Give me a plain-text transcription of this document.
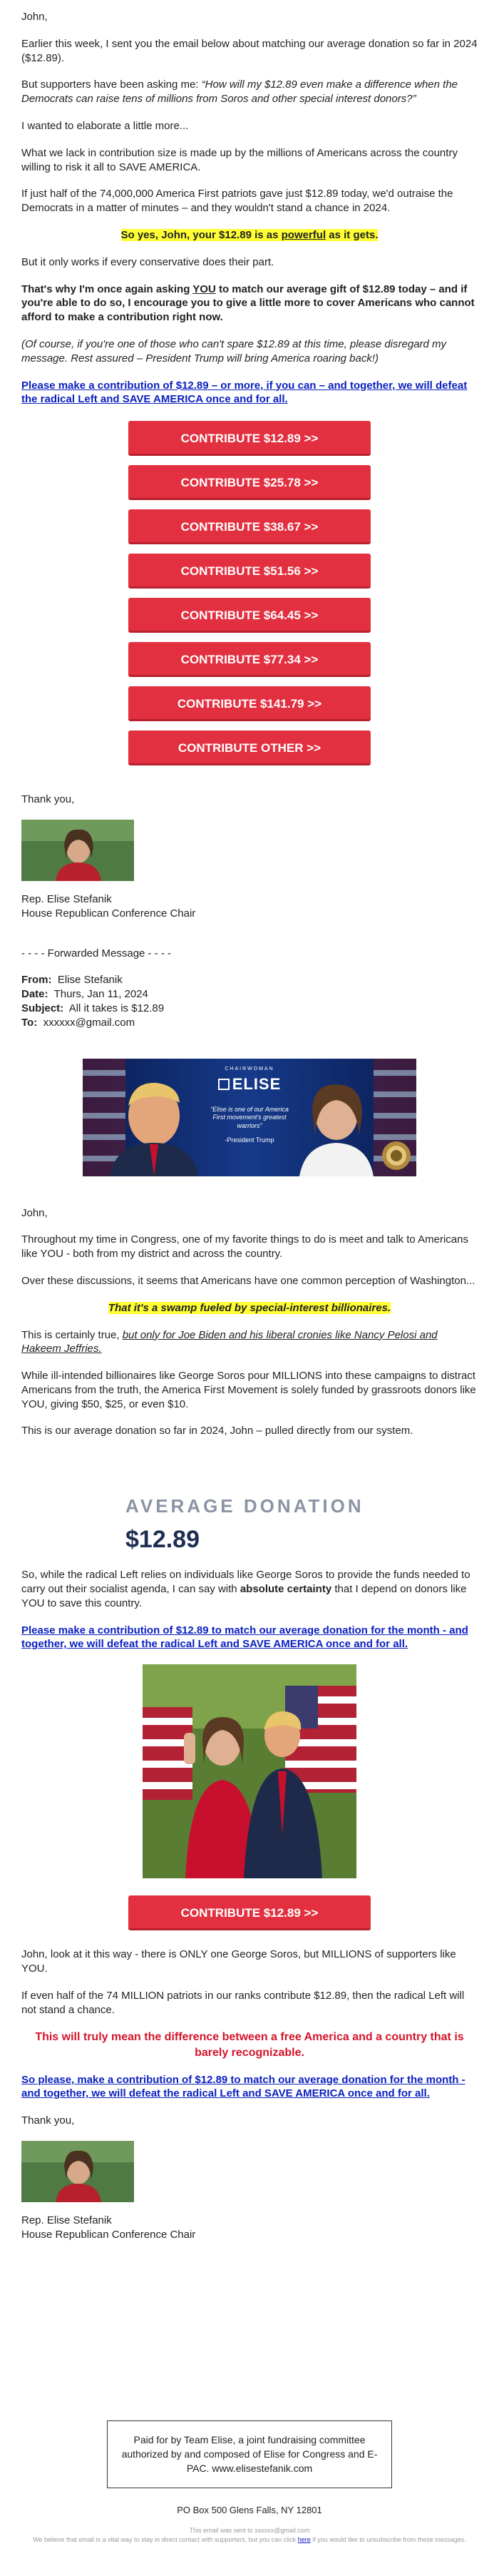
John,

Earlier this week, I sent you the email below about matching our average donation so far in 2024 ($12.89).

But supporters have been asking me: “How will my $12.89 even make a difference when the Democrats can raise tens of millions from Soros and other special interest donors?”

I wanted to elaborate a little more...

What we lack in contribution size is made up by the millions of Americans across the country willing to risk it all to SAVE AMERICA.

If just half of the 74,000,000 America First patriots gave just $12.89 today, we'd outraise the Democrats in a matter of minutes – and they wouldn't stand a chance in 2024.

So yes, John, your $12.89 is as powerful as it gets.

But it only works if every conservative does their part.

That's why I'm once again asking YOU to match our average gift of $12.89 today – and if you're able to do so, I encourage you to give a little more to cover Americans who cannot afford to make a contribution right now.

(Of course, if you're one of those who can't spare $12.89 at this time, please disregard my message. Rest assured – President Trump will bring America roaring back!)

Please make a contribution of $12.89 – or more, if you can – and together, we will defeat the radical Left and SAVE AMERICA once and for all.

CONTRIBUTE $12.89 >>
CONTRIBUTE $25.78 >>
CONTRIBUTE $38.67 >>
CONTRIBUTE $51.56 >>
CONTRIBUTE $64.45 >>
CONTRIBUTE $77.34 >>
CONTRIBUTE $141.79 >>
CONTRIBUTE OTHER >>

Thank you,

Rep. Elise Stefanik

House Republican Conference Chair

- - - - Forwarded Message - - - -

From: Elise Stefanik

Date: Thurs, Jan 11, 2024

Subject: All it takes is $12.89

To: xxxxxx@gmail.com

CHAIRWOMAN
ELISE
“Elise is one of our America First movement's greatest warriors”
-President Trump

John,

Throughout my time in Congress, one of my favorite things to do is meet and talk to Americans like YOU - both from my district and across the country.

Over these discussions, it seems that Americans have one common perception of Washington...

That it's a swamp fueled by special-interest billionaires.

This is certainly true, but only for Joe Biden and his liberal cronies like Nancy Pelosi and Hakeem Jeffries.

While ill-intended billionaires like George Soros pour MILLIONS into these campaigns to distract Americans from the truth, the America First Movement is solely funded by grassroots donors like YOU, giving $50, $25, or even $10.

This is our average donation so far in 2024, John – pulled directly from our system.

AVERAGE DONATION
$12.89

So, while the radical Left relies on individuals like George Soros to provide the funds needed to carry out their socialist agenda, I can say with absolute certainty that I depend on donors like YOU to save this country.

Please make a contribution of $12.89 to match our average donation for the month - and together, we will defeat the radical Left and SAVE AMERICA once and for all.

CONTRIBUTE $12.89 >>

John, look at it this way - there is ONLY one George Soros, but MILLIONS of supporters like YOU.

If even half of the 74 MILLION patriots in our ranks contribute $12.89, then the radical Left will not stand a chance.

This will truly mean the difference between a free America and a country that is barely recognizable.

So please, make a contribution of $12.89 to match our average donation for the month - and together, we will defeat the radical Left and SAVE AMERICA once and for all.

Thank you,

Rep. Elise Stefanik

House Republican Conference Chair

Paid for by Team Elise, a joint fundraising committee authorized by and composed of Elise for Congress and E-PAC. www.elisestefanik.com
PO Box 500 Glens Falls, NY 12801
This email was sent to xxxxxx@gmail.com
We believe that email is a vital way to stay in direct contact with supporters, but you can click here if you would like to unsubscribe from these messages.
